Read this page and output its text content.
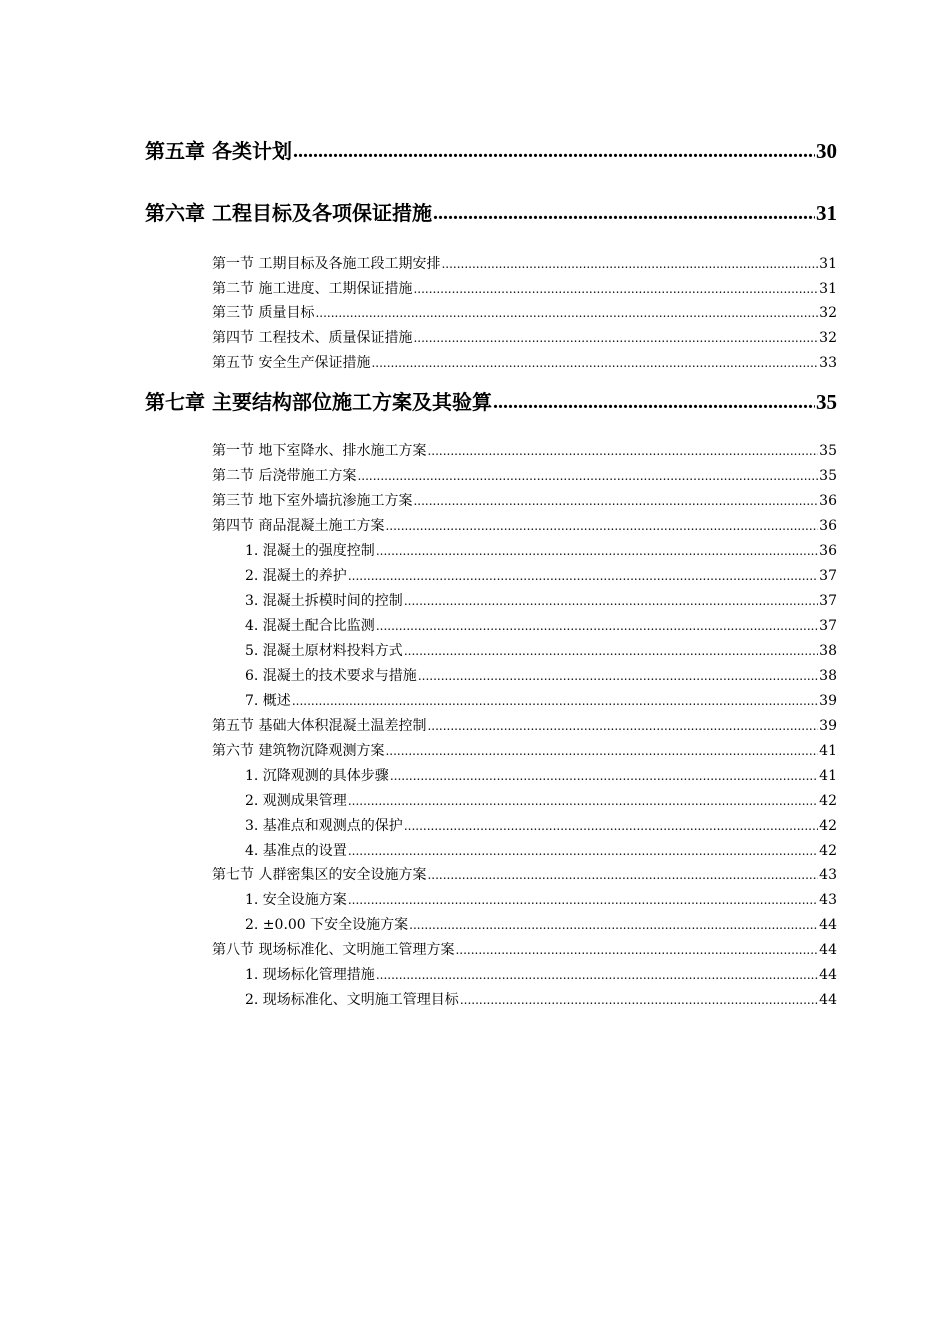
第五章 各类计划 .....	30
第六章 工程目标及各项保证措施 .....	31
第一节 工期目标及各施工段工期安排 .....	31
第二节 施工进度、工期保证措施 .....	31
第三节 质量目标 .....	32
第四节 工程技术、质量保证措施 .....	32
第五节 安全生产保证措施 .....	33
第七章 主要结构部位施工方案及其验算 .....	35
第一节 地下室降水、排水施工方案 .....	35
第二节 后浇带施工方案 .....	35
第三节 地下室外墙抗渗施工方案 .....	36
第四节 商品混凝土施工方案 .....	36
1. 混凝土的强度控制 .....	36
2. 混凝土的养护 .....	37
3. 混凝土拆模时间的控制 .....	37
4. 混凝土配合比监测 .....	37
5. 混凝土原材料投料方式 .....	38
6. 混凝土的技术要求与措施 .....	38
7. 概述 .....	39
第五节 基础大体积混凝土温差控制 .....	39
第六节 建筑物沉降观测方案 .....	41
1. 沉降观测的具体步骤 .....	41
2. 观测成果管理 .....	42
3. 基准点和观测点的保护 .....	42
4. 基准点的设置 .....	42
第七节 人群密集区的安全设施方案 .....	43
1. 安全设施方案 .....	43
2. ±0.00 下安全设施方案 .....	44
第八节 现场标准化、文明施工管理方案 .....	44
1. 现场标化管理措施 .....	44
2. 现场标准化、文明施工管理目标 .....	44
